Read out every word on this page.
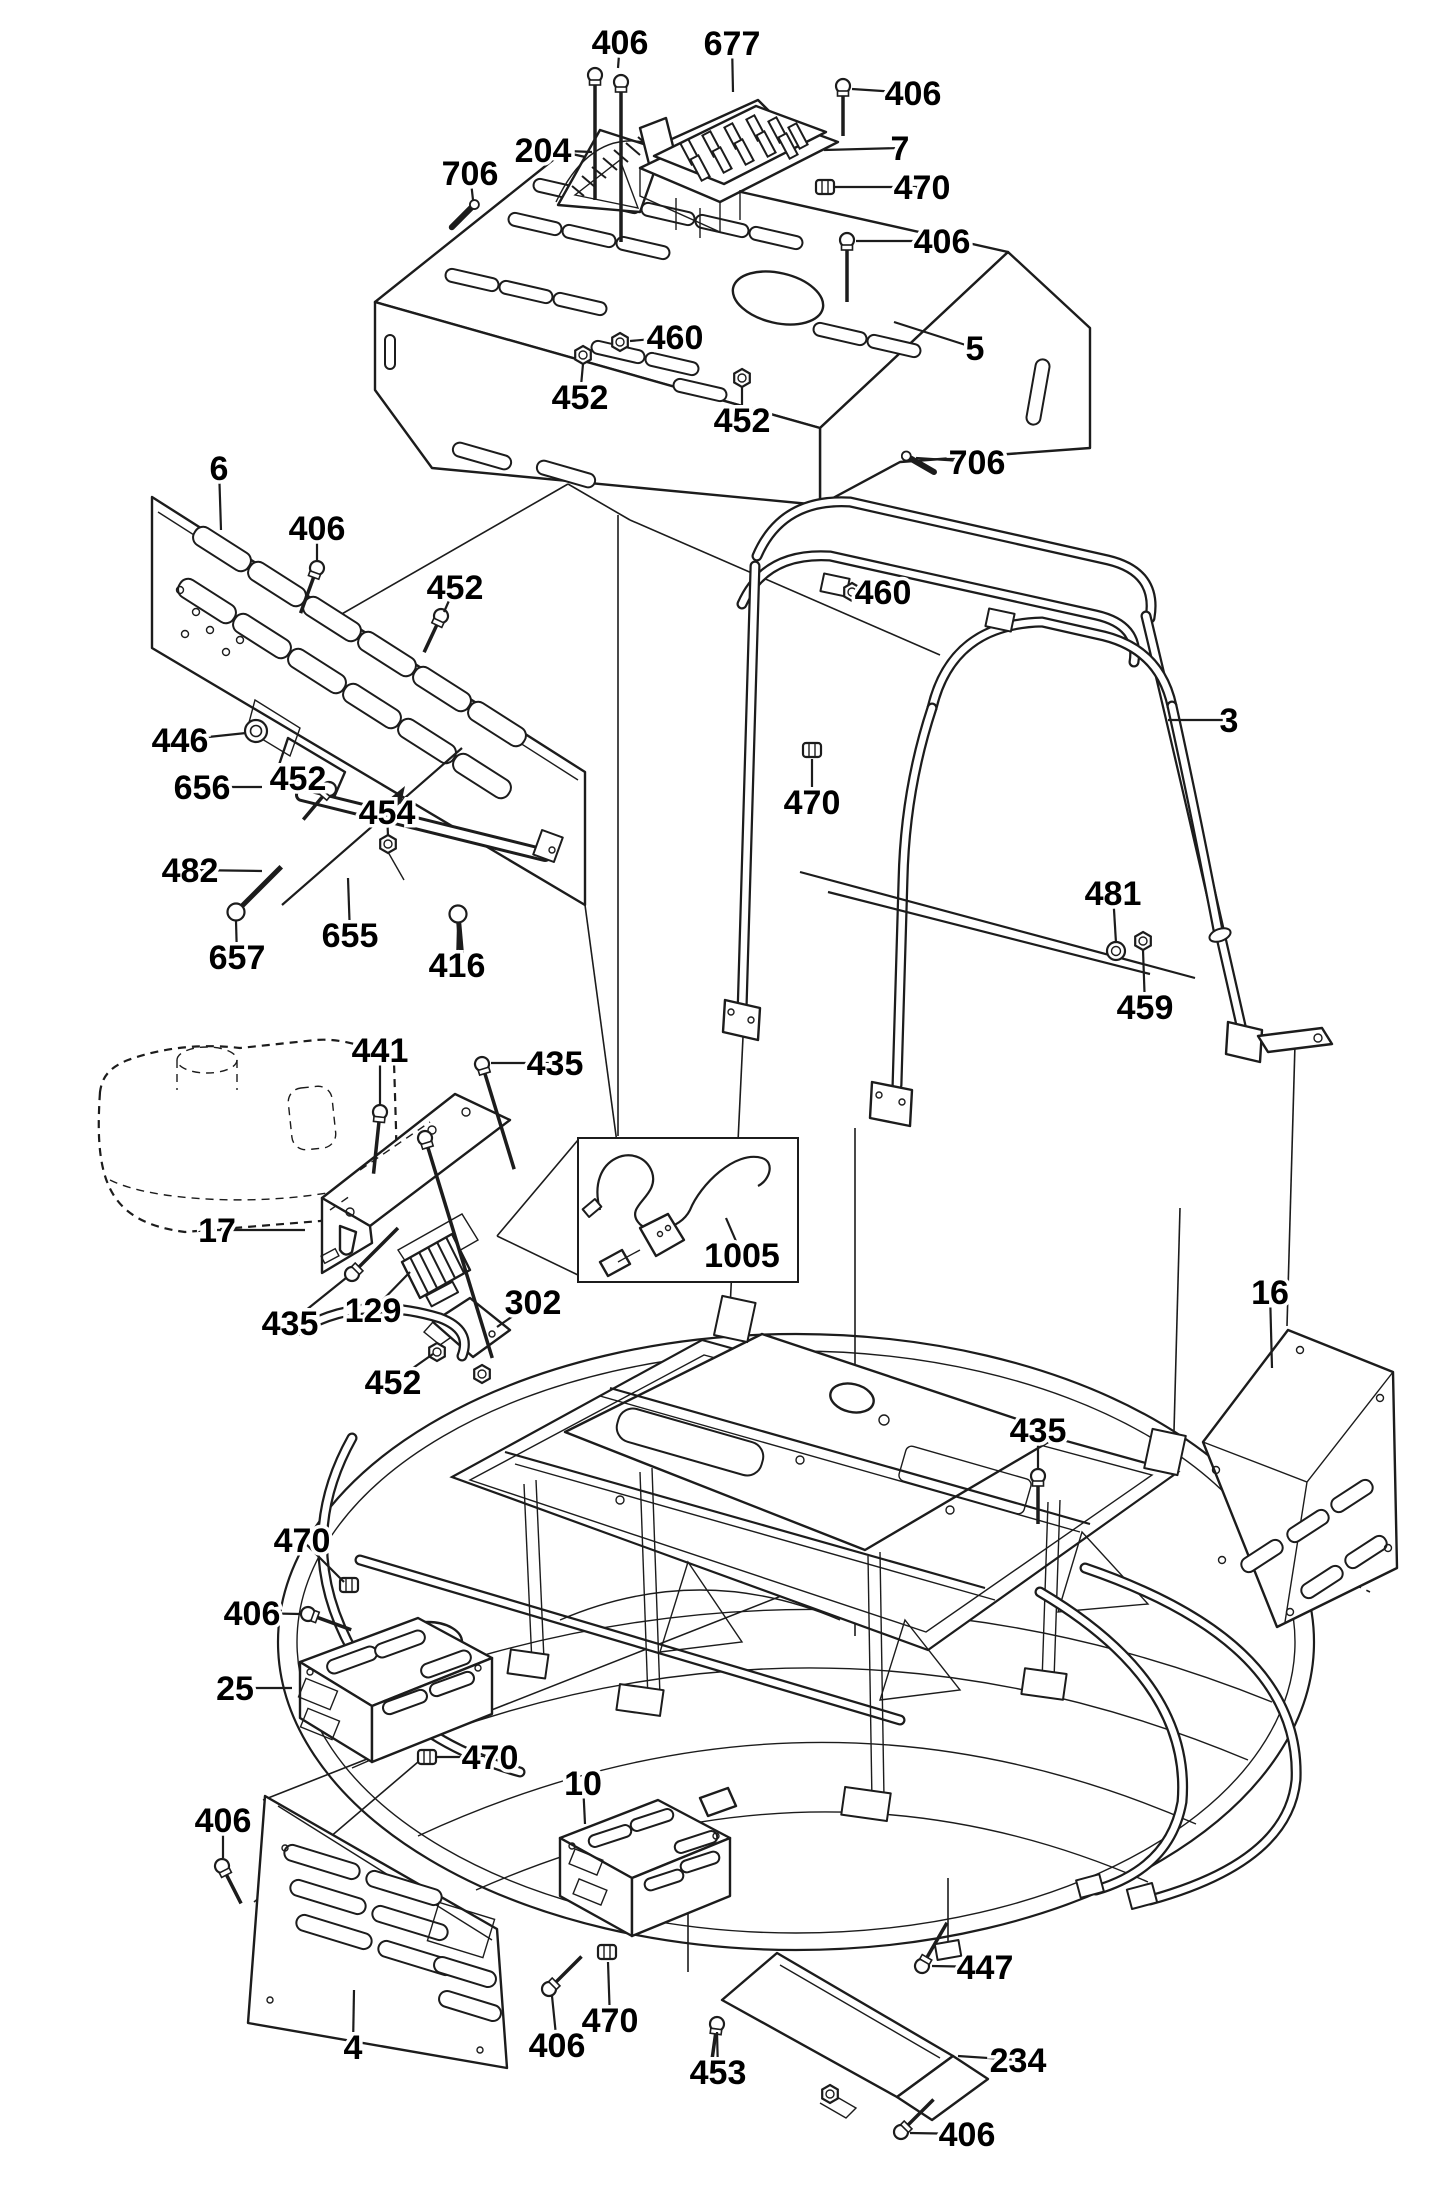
406 677
406
204	7
470
406
706
460
452
452
5
706
6
406
452	460
3
446
656 452
454	470
482
655
657	416
481
459
441	435
17
1005
435 129	302
452
16
435
470
406
25
470
10
406
4
470
406
447
453	234
406
